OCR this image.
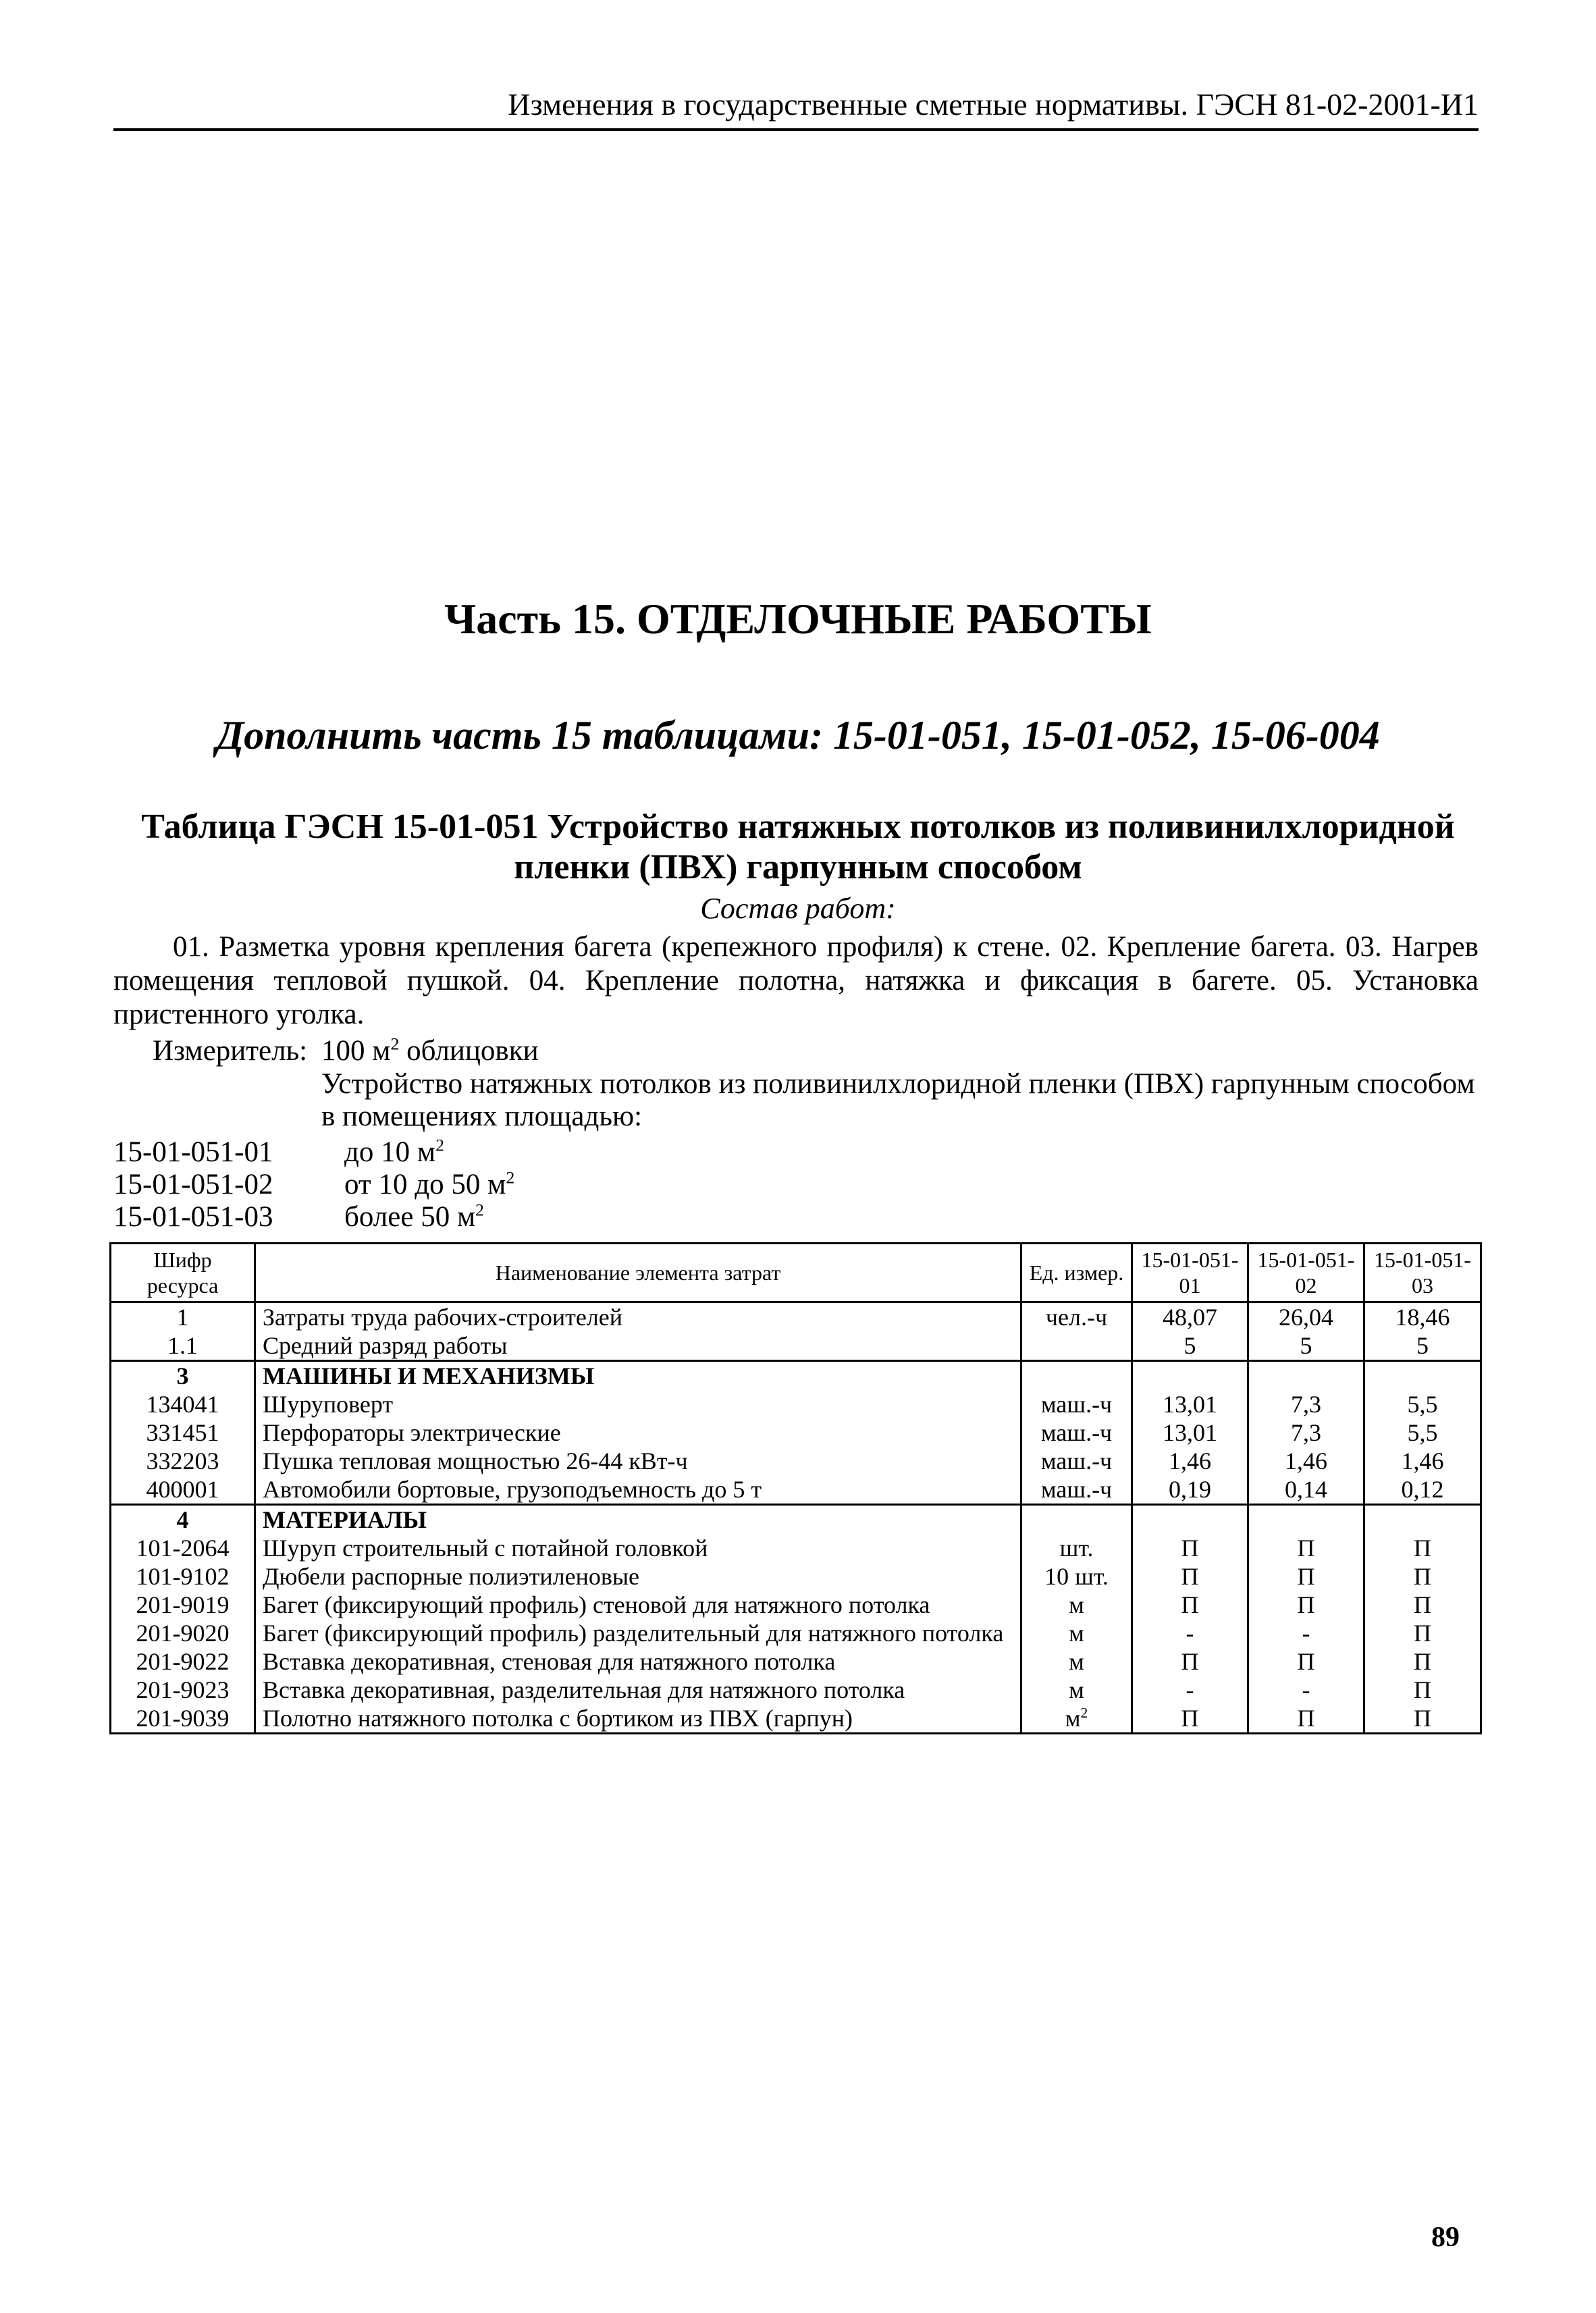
Изменения в государственные сметные нормативы. ГЭСН 81-02-2001-И1
Часть 15. ОТДЕЛОЧНЫЕ РАБОТЫ
Дополнить часть 15 таблицами: 15-01-051, 15-01-052, 15-06-004
Таблица ГЭСН 15-01-051 Устройство натяжных потолков из поливинилхлоридной
пленки (ПВХ) гарпунным способом
Состав работ:
01. Разметка уровня крепления багета (крепежного профиля) к стене. 02. Крепление багета. 03. Нагрев помещения тепловой пушкой. 04. Крепление полотна, натяжка и фиксация в багете. 05. Установка пристенного уголка.
Измеритель: 100 $м^2$ облицовки
Устройство натяжных потолков из поливинилхлоридной пленки (ПВХ) гарпунным способом в помещениях площадью:
15-01-051-01 до 10 $м^2$
15-01-051-02 от 10 до 50 $м^2$
15-01-051-03 более 50 $м^2$
Шифр ресурса	Наименование элемента затрат	Ед. измер.	15-01-051-01	15-01-051-02	15-01-051-03
1	Затраты труда рабочих-строителей	чел.-ч	48,07	26,04	18,46
1.1	Средний разряд работы		5	5	5
3	МАШИНЫ И МЕХАНИЗМЫ				
134041	Шуруповерт	маш.-ч	13,01	7,3	5,5
331451	Перфораторы электрические	маш.-ч	13,01	7,3	5,5
332203	Пушка тепловая мощностью 26-44 кВт-ч	маш.-ч	1,46	1,46	1,46
400001	Автомобили бортовые, грузоподъемность до 5 т	маш.-ч	0,19	0,14	0,12
4	МАТЕРИАЛЫ				
101-2064	Шуруп строительный с потайной головкой	шт.	П	П	П
101-9102	Дюбели распорные полиэтиленовые	10 шт.	П	П	П
201-9019	Багет (фиксирующий профиль) стеновой для натяжного потолка	м	П	П	П
201-9020	Багет (фиксирующий профиль) разделительный для натяжного потолка	м	-	-	П
201-9022	Вставка декоративная, стеновая для натяжного потолка	м	П	П	П
201-9023	Вставка декоративная, разделительная для натяжного потолка	м	-	-	П
201-9039	Полотно натяжного потолка с бортиком из ПВХ (гарпун)	$м^2$	П	П	П
89
